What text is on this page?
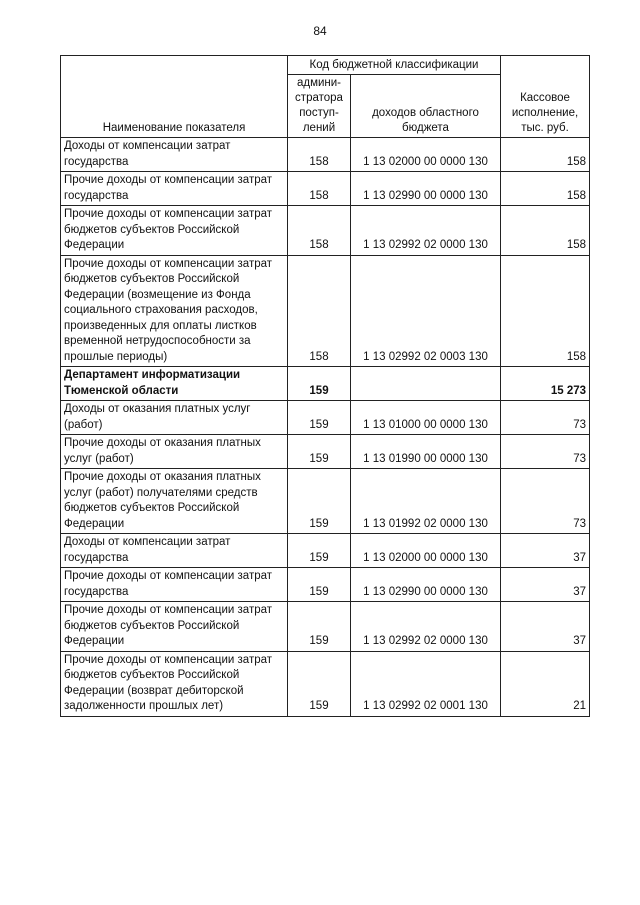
84
Наименование показателя	Код бюджетной классификации		Кассовое исполнение, тыс. руб.
	админи-стратора поступ-лений	доходов областного бюджета	
Доходы от компенсации затрат государства	158	1 13 02000 00 0000 130	158
Прочие доходы от компенсации затрат государства	158	1 13 02990 00 0000 130	158
Прочие доходы от компенсации затрат бюджетов субъектов Российской Федерации	158	1 13 02992 02 0000 130	158
Прочие доходы от компенсации затрат бюджетов субъектов Российской Федерации (возмещение из Фонда социального страхования расходов, произведенных для оплаты листков временной нетрудоспособности за прошлые периоды)	158	1 13 02992 02 0003 130	158
Департамент информатизации Тюменской области	159		15 273
Доходы от оказания платных услуг (работ)	159	1 13 01000 00 0000 130	73
Прочие доходы от оказания платных услуг (работ)	159	1 13 01990 00 0000 130	73
Прочие доходы от оказания платных услуг (работ) получателями средств бюджетов субъектов Российской Федерации	159	1 13 01992 02 0000 130	73
Доходы от компенсации затрат государства	159	1 13 02000 00 0000 130	37
Прочие доходы от компенсации затрат государства	159	1 13 02990 00 0000 130	37
Прочие доходы от компенсации затрат бюджетов субъектов Российской Федерации	159	1 13 02992 02 0000 130	37
Прочие доходы от компенсации затрат бюджетов субъектов Российской Федерации (возврат дебиторской задолженности прошлых лет)	159	1 13 02992 02 0001 130	21
